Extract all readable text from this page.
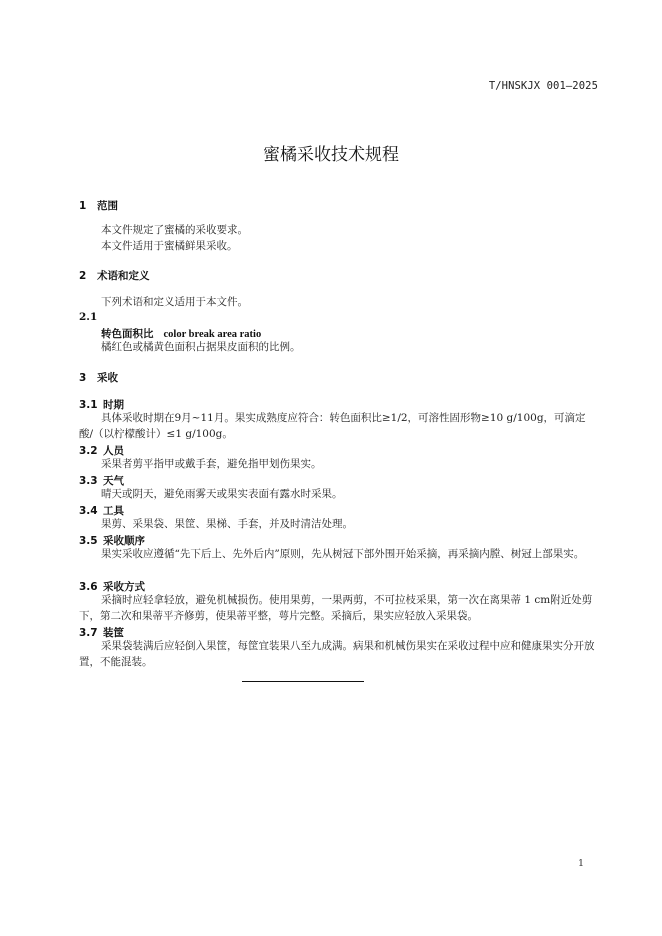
T/HNSKJX 001—2025
蜜橘采收技术规程
1 范围
本文件规定了蜜橘的采收要求。
本文件适用于蜜橘鲜果采收。
2 术语和定义
下列术语和定义适用于本文件。
2.1
转色面积比 color break area ratio
橘红色或橘黄色面积占据果皮面积的比例。
3 采收
3.1 时期
具体采收时期在9月~11月。果实成熟度应符合：转色面积比≥1/2，可溶性固形物≥10 g/100g，可滴定酸/（以柠檬酸计）≤1 g/100g。
3.2 人员
采果者剪平指甲或戴手套，避免指甲划伤果实。
3.3 天气
晴天或阴天，避免雨雾天或果实表面有露水时采果。
3.4 工具
果剪、采果袋、果筐、果梯、手套，并及时清洁处理。
3.5 采收顺序
果实采收应遵循“先下后上、先外后内”原则，先从树冠下部外围开始采摘，再采摘内膛、树冠上部果实。
3.6 采收方式
采摘时应轻拿轻放，避免机械损伤。使用果剪，一果两剪，不可拉枝采果，第一次在离果蒂 1 cm附近处剪下，第二次和果蒂平齐修剪，使果蒂平整，萼片完整。采摘后，果实应轻放入采果袋。
3.7 装筐
采果袋装满后应轻倒入果筐，每筐宜装果八至九成满。病果和机械伤果实在采收过程中应和健康果实分开放置，不能混装。
1
